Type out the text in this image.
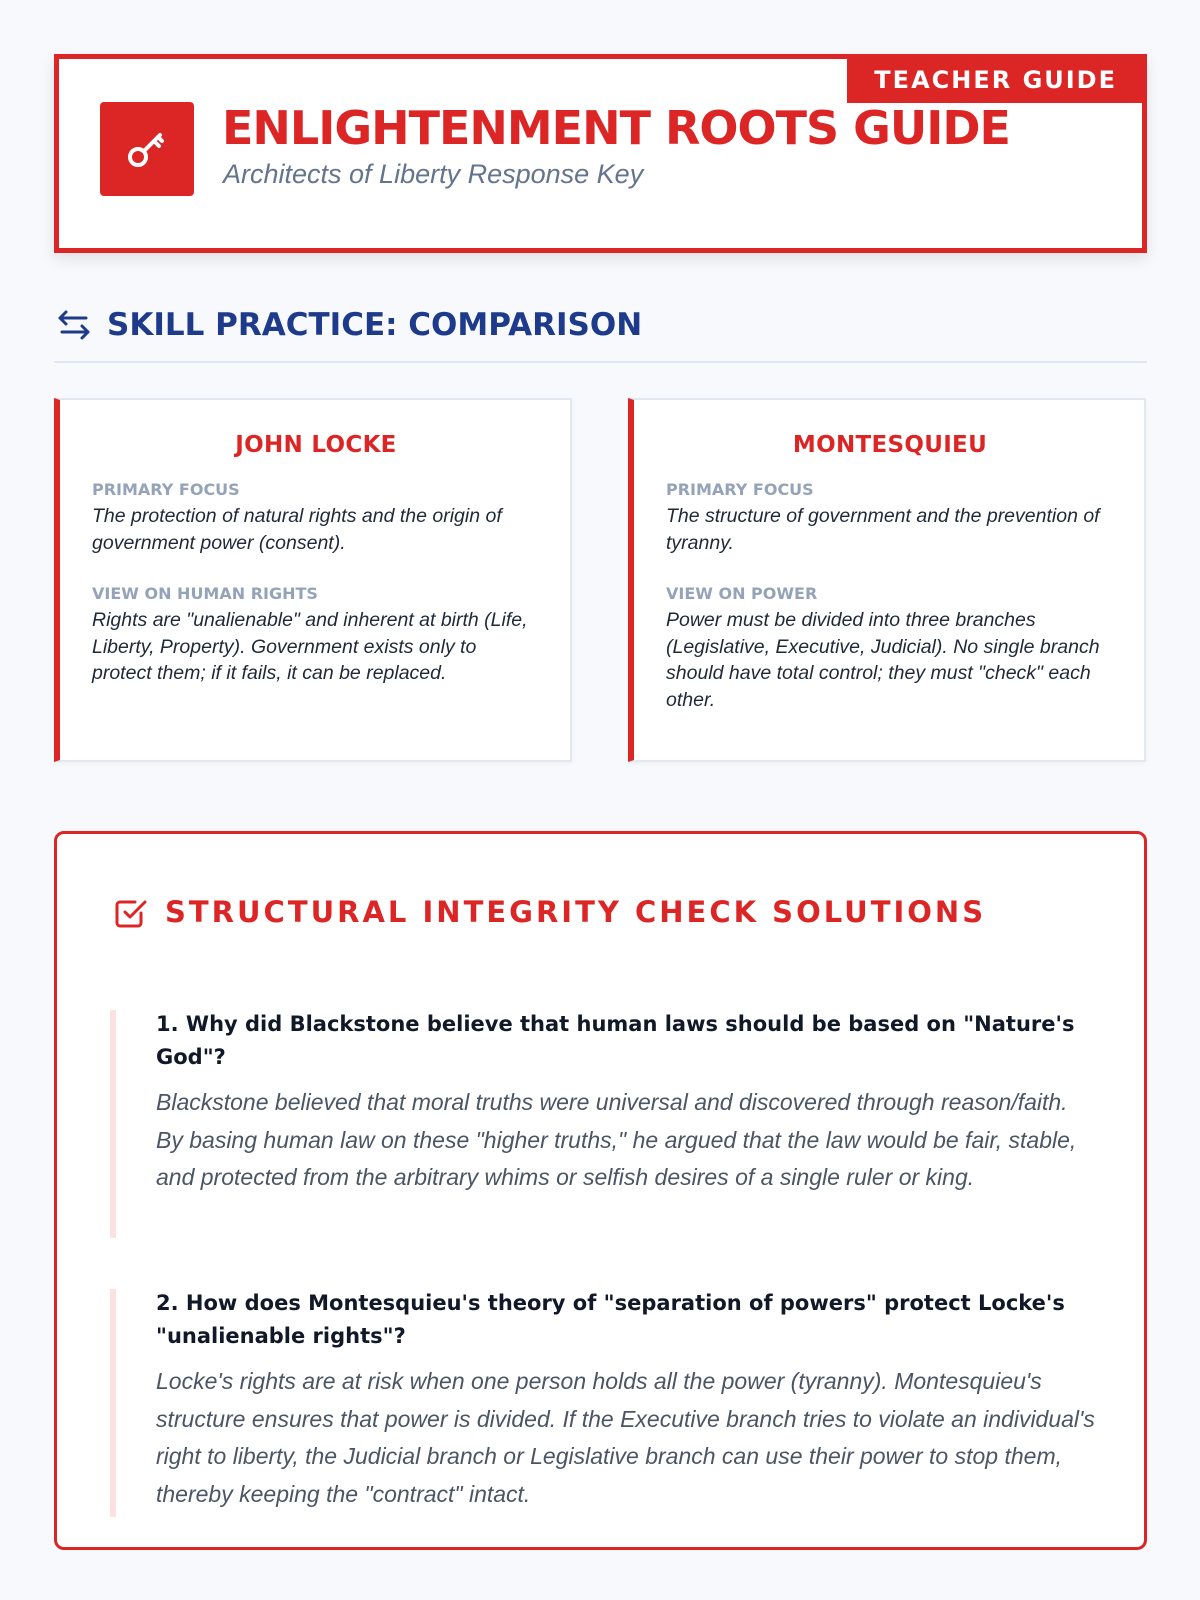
TEACHER GUIDE
ENLIGHTENMENT ROOTS GUIDE
Architects of Liberty Response Key
SKILL PRACTICE: COMPARISON
JOHN LOCKE
PRIMARY FOCUS
The protection of natural rights and the origin of government power (consent).
VIEW ON HUMAN RIGHTS
Rights are "unalienable" and inherent at birth (Life, Liberty, Property). Government exists only to protect them; if it fails, it can be replaced.
MONTESQUIEU
PRIMARY FOCUS
The structure of government and the prevention of tyranny.
VIEW ON POWER
Power must be divided into three branches (Legislative, Executive, Judicial). No single branch should have total control; they must "check" each other.
STRUCTURAL INTEGRITY CHECK SOLUTIONS
1. Why did Blackstone believe that human laws should be based on "Nature's God"?
Blackstone believed that moral truths were universal and discovered through reason/faith. By basing human law on these "higher truths," he argued that the law would be fair, stable, and protected from the arbitrary whims or selfish desires of a single ruler or king.
2. How does Montesquieu's theory of "separation of powers" protect Locke's "unalienable rights"?
Locke's rights are at risk when one person holds all the power (tyranny). Montesquieu's structure ensures that power is divided. If the Executive branch tries to violate an individual's right to liberty, the Judicial branch or Legislative branch can use their power to stop them, thereby keeping the "contract" intact.
